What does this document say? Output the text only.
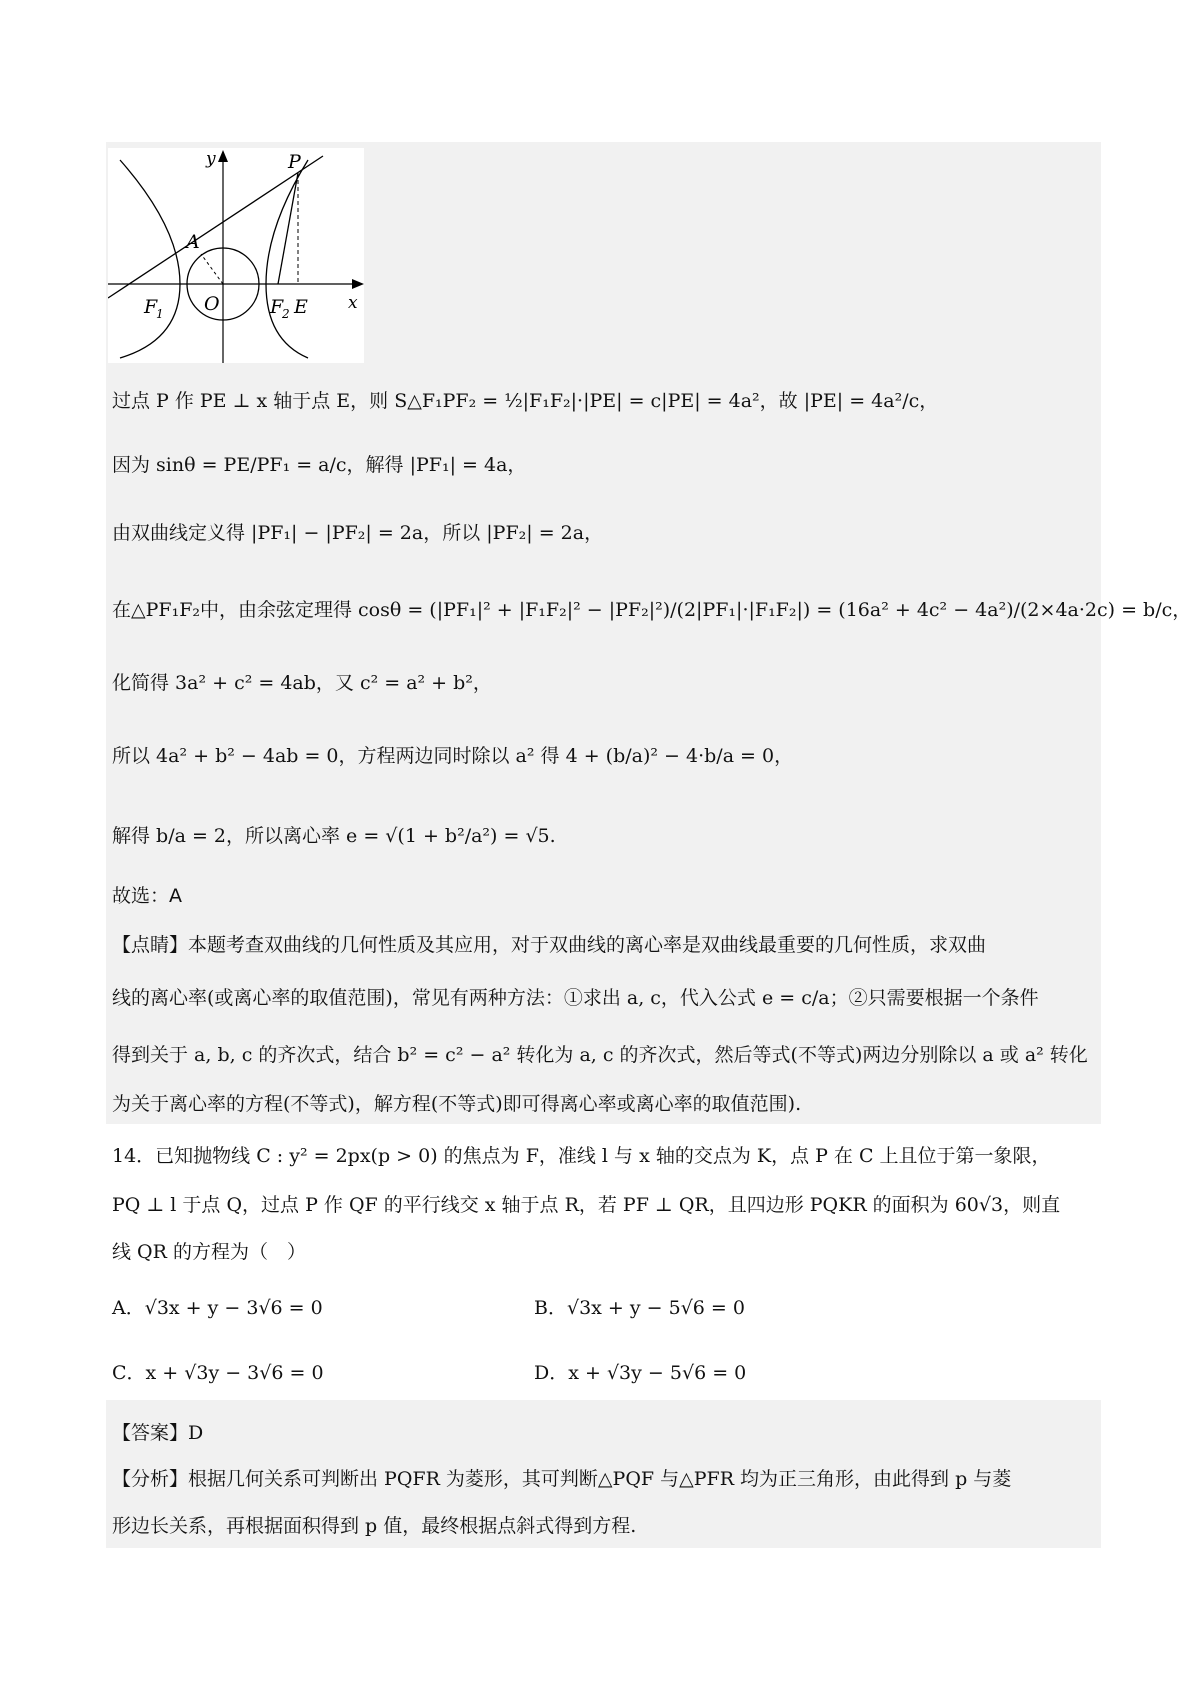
y
x
P
A
O
F
1	F
2 E
过点 P 作 PE ⊥ x 轴于点 E，则 S△F₁PF₂ = ½|F₁F₂|·|PE| = c|PE| = 4a²，故 |PE| = 4a²/c，
因为 sinθ = PE/PF₁ = a/c，解得 |PF₁| = 4a，
由双曲线定义得 |PF₁| − |PF₂| = 2a，所以 |PF₂| = 2a，
在△PF₁F₂中，由余弦定理得 cosθ = (|PF₁|² + |F₁F₂|² − |PF₂|²)/(2|PF₁|·|F₁F₂|) = (16a² + 4c² − 4a²)/(2×4a·2c) = b/c，
化简得 3a² + c² = 4ab，又 c² = a² + b²，
所以 4a² + b² − 4ab = 0，方程两边同时除以 a² 得 4 + (b/a)² − 4·b/a = 0，
解得 b/a = 2，所以离心率 e = √(1 + b²/a²) = √5.
故选：A
【点睛】本题考查双曲线的几何性质及其应用，对于双曲线的离心率是双曲线最重要的几何性质，求双曲
线的离心率(或离心率的取值范围)，常见有两种方法：①求出 a, c，代入公式 e = c/a；②只需要根据一个条件
得到关于 a, b, c 的齐次式，结合 b² = c² − a² 转化为 a, c 的齐次式，然后等式(不等式)两边分别除以 a 或 a² 转化
为关于离心率的方程(不等式)，解方程(不等式)即可得离心率或离心率的取值范围).
14．已知抛物线 C : y² = 2px(p > 0) 的焦点为 F，准线 l 与 x 轴的交点为 K，点 P 在 C 上且位于第一象限，
PQ ⊥ l 于点 Q，过点 P 作 QF 的平行线交 x 轴于点 R，若 PF ⊥ QR，且四边形 PQKR 的面积为 60√3，则直
线 QR 的方程为（　）
A．√3x + y − 3√6 = 0	B．√3x + y − 5√6 = 0
C．x + √3y − 3√6 = 0	D．x + √3y − 5√6 = 0
【答案】D
【分析】根据几何关系可判断出 PQFR 为菱形，其可判断△PQF 与△PFR 均为正三角形，由此得到 p 与菱
形边长关系，再根据面积得到 p 值，最终根据点斜式得到方程.
